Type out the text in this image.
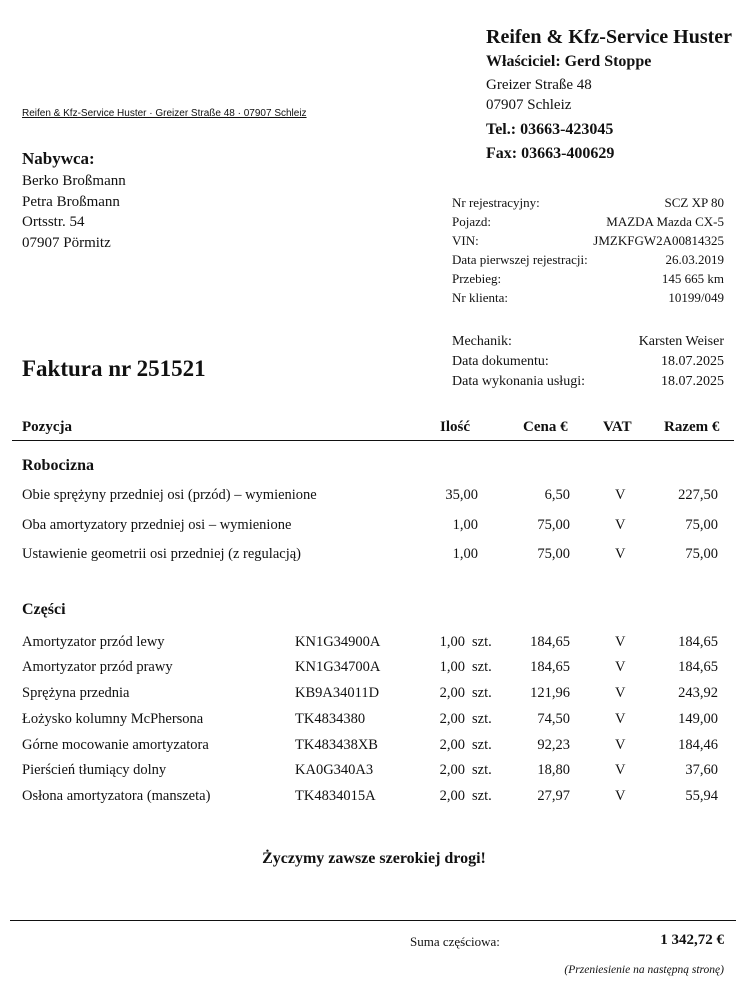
Reifen & Kfz-Service Huster
Właściciel: Gerd Stoppe
Greizer Straße 48
07907 Schleiz
Tel.: 03663-423045
Fax: 03663-400629
Reifen & Kfz-Service Huster · Greizer Straße 48 · 07907 Schleiz
Nabywca:
Berko Broßmann
Petra Broßmann
Ortsstr. 54
07907 Pörmitz
Nr rejestracyjny:	SCZ XP 80
Pojazd:	MAZDA Mazda CX-5
VIN:	JMZKFGW2A00814325
Data pierwszej rejestracji:	26.03.2019
Przebieg:	145 665 km
Nr klienta:	10199/049
Mechanik:	Karsten Weiser
Data dokumentu:	18.07.2025
Data wykonania usługi:	18.07.2025
Faktura nr 251521
Pozycja	Ilość	Cena € VAT Razem €
Robocizna
Obie sprężyny przedniej osi (przód) – wymienione	35,00	6,50	V	227,50
Oba amortyzatory przedniej osi – wymienione	1,00	75,00	V	75,00
Ustawienie geometrii osi przedniej (z regulacją)	1,00	75,00	V	75,00
Części
Amortyzator przód lewy	KN1G34900A	1,00 szt.	184,65	V	184,65
Amortyzator przód prawy	KN1G34700A	1,00 szt.	184,65	V	184,65
Sprężyna przednia	KB9A34011D	2,00 szt.	121,96	V	243,92
Łożysko kolumny McPhersona	TK4834380	2,00 szt.	74,50	V	149,00
Górne mocowanie amortyzatora	TK483438XB	2,00 szt.	92,23	V	184,46
Pierścień tłumiący dolny	KA0G340A3	2,00 szt.	18,80	V	37,60
Osłona amortyzatora (manszeta)	TK4834015A	2,00 szt.	27,97	V	55,94
Życzymy zawsze szerokiej drogi!
Suma częściowa:	1 342,72 €
(Przeniesienie na następną stronę)
